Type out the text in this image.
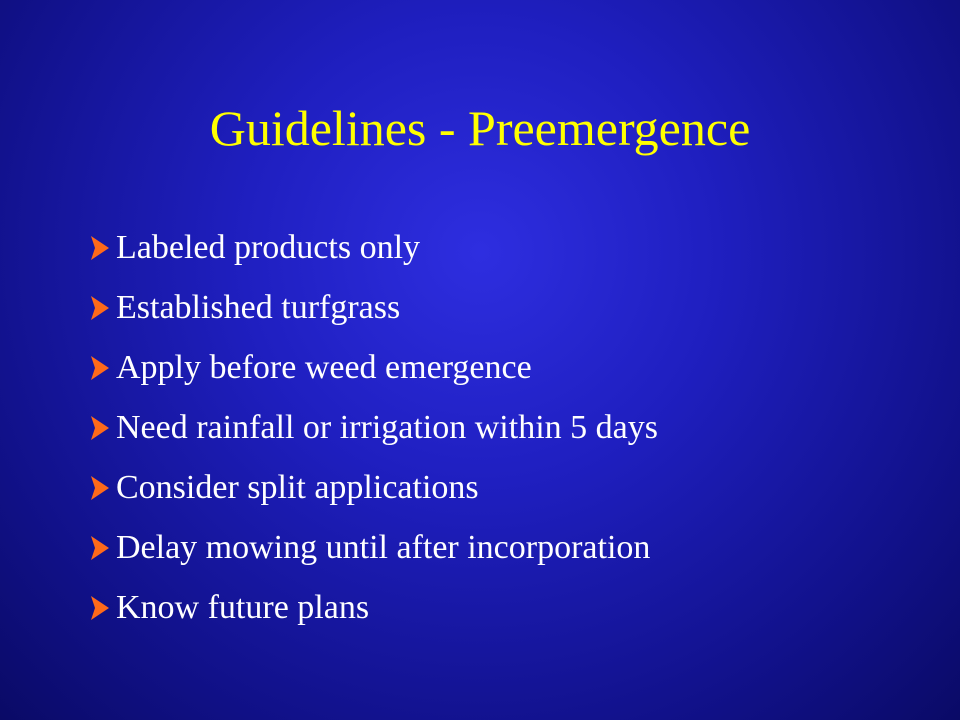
Guidelines - Preemergence
Labeled products only
Established turfgrass
Apply before weed emergence
Need rainfall or irrigation within 5 days
Consider split applications
Delay mowing until after incorporation
Know future plans
